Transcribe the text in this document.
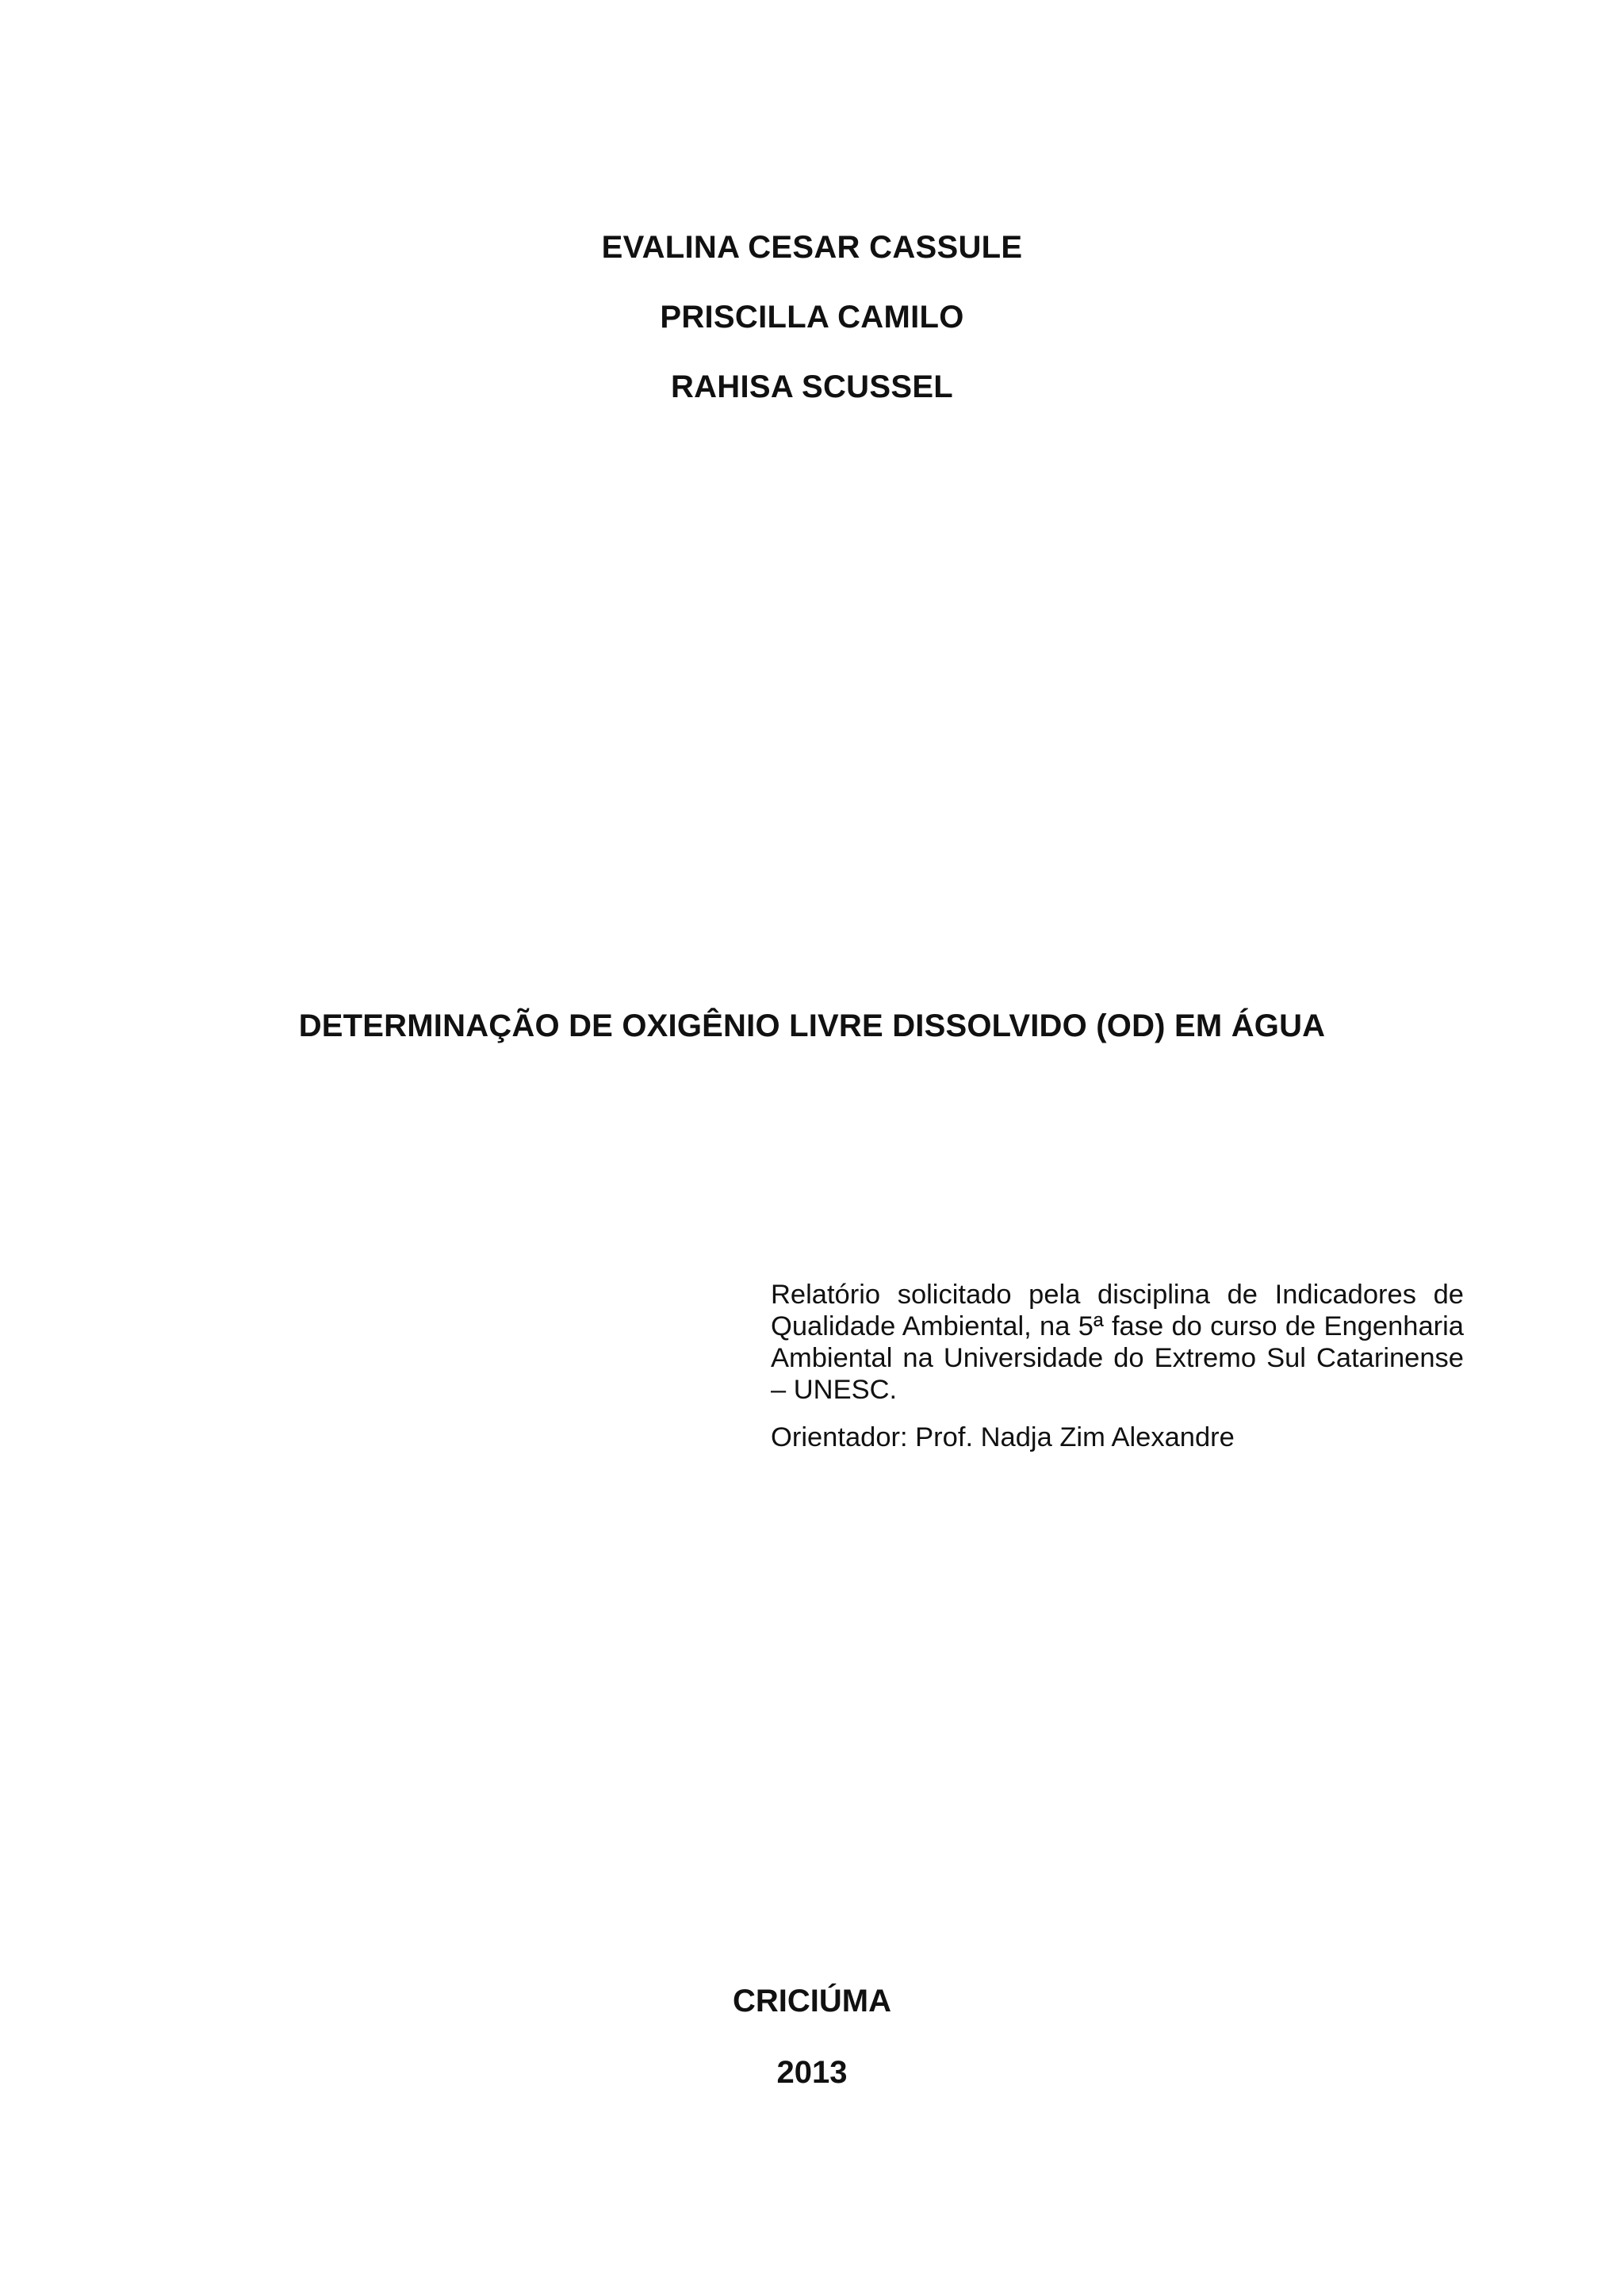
EVALINA CESAR CASSULE

PRISCILLA CAMILO

RAHISA SCUSSEL

DETERMINAÇÃO DE OXIGÊNIO LIVRE DISSOLVIDO (OD) EM ÁGUA

Relatório solicitado pela disciplina de Indicadores de Qualidade Ambiental, na 5ª fase do curso de Engenharia Ambiental na Universidade do Extremo Sul Catarinense – UNESC.

Orientador: Prof. Nadja Zim Alexandre

CRICIÚMA
2013
